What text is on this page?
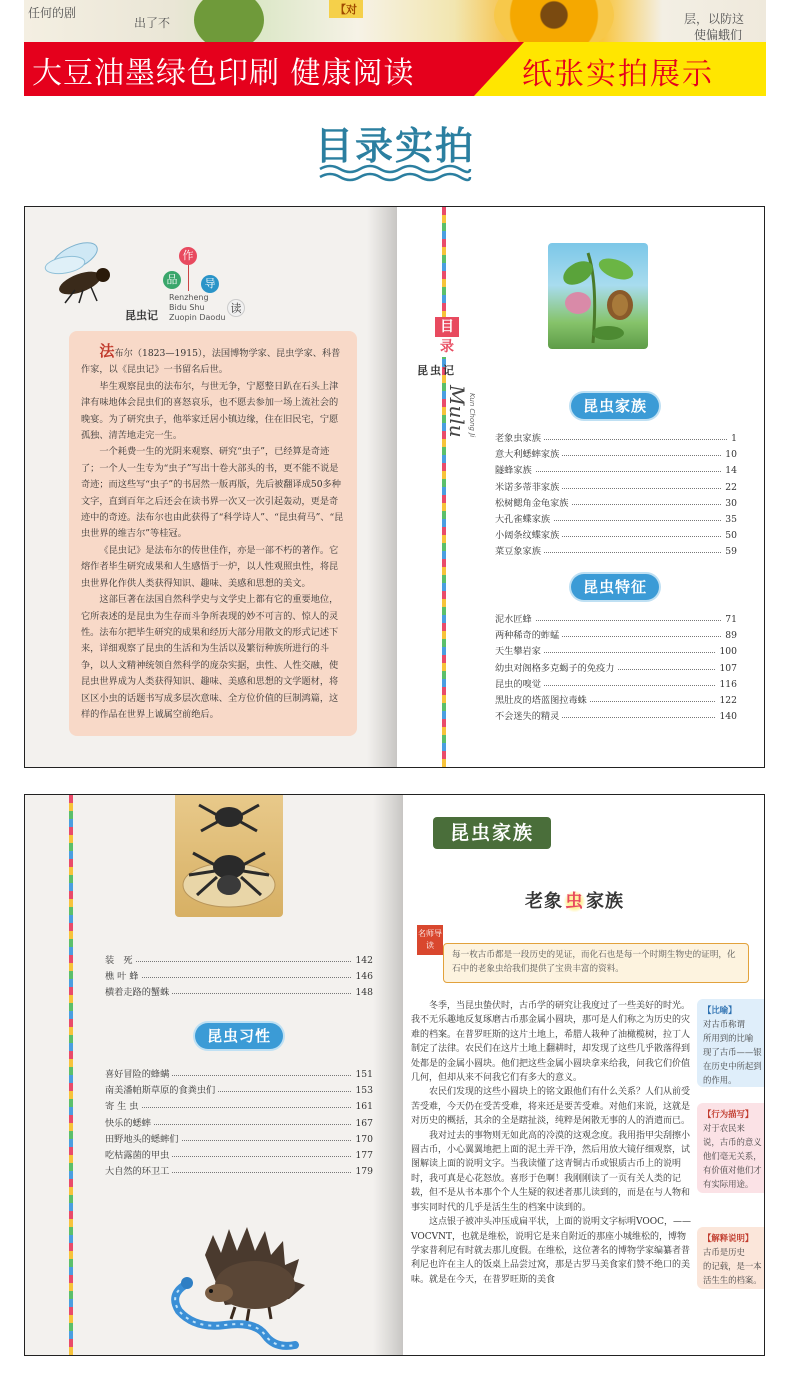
任何的剧
出了不
【对
层，以防这
使偏蛾们
大豆油墨绿色印刷 健康阅读	纸张实拍展示
目录实拍
作
品	导
读
Renzheng
Bidu Shu
Zuopin Daodu
昆虫记

法布尔（1823—1915），法国博物学家、昆虫学家、科普作家，以《昆虫记》一书留名后世。

毕生观察昆虫的法布尔，与世无争，宁愿整日趴在石头上津津有味地体会昆虫们的喜怒哀乐，也不愿去参加一场上流社会的晚宴。为了研究虫子，他举家迁居小镇边缘，住在旧民宅，宁愿孤独、清苦地走完一生。

一个耗费一生的光阴来观察、研究“虫子”，已经算是奇迹了；一个人一生专为“虫子”写出十卷大部头的书，更不能不说是奇迹；而这些写“虫子”的书居然一版再版，先后被翻译成50多种文字，直到百年之后还会在读书界一次又一次引起轰动，更是奇迹中的奇迹。法布尔也由此获得了“科学诗人”、“昆虫荷马”、“昆虫世界的维吉尔”等桂冠。

《昆虫记》是法布尔的传世佳作，亦是一部不朽的著作。它熔作者毕生研究成果和人生感悟于一炉，以人性观照虫性，将昆虫世界化作供人类获得知识、趣味、美感和思想的美文。

这部巨著在法国自然科学史与文学史上都有它的重要地位，它所表述的是昆虫为生存而斗争所表现的妙不可言的、惊人的灵性。法布尔把毕生研究的成果和经历大部分用散文的形式记述下来，详细观察了昆虫的生活和为生活以及繁衍种族所进行的斗争，以人文精神统领自然科学的庞杂实据，虫性、人性交融，使昆虫世界成为人类获得知识、趣味、美感和思想的文学题材，将区区小虫的话题书写成多层次意味、全方位价值的巨制鸿篇，这样的作品在世界上诚属空前绝后。

目
录
昆虫记
Mulu Kun Chong Ji	昆虫家族
老象虫家族	1
意大利蟋蟀家族	10
隧蜂家族	14
米诺多蒂菲家族	22
松树鳃角金龟家族	30
大孔雀蝶家族	35
小阔条纹蝶家族	50
菜豆象家族	59
昆虫特征
泥水匠蜂	71
两种稀奇的蚱蜢	89
天生攀岩家	100
幼虫对阁格多克蝎子的免疫力	107
昆虫的嗅觉	116
黑肚皮的塔蓝图拉毒蛛	122
不会迷失的精灵	140
装　死	142
樵 叶 蜂	146
横着走路的蟹蛛	148
昆虫习性
喜好冒险的蜂螨	151
南美潘帕斯草原的食粪虫们	153
寄 生 虫	161
快乐的蟋蟀	167
田野地头的蟋蟀们	170
吃枯露菌的甲虫	177
大自然的环卫工	179
昆虫家族
老象 虫 家族
名师导读
每一枚古币都是一段历史的见证，而化石也是每一个时期生物史的证明，化石中的老象虫给我们提供了宝贵丰富的资料。

冬季，当昆虫蛰伏时，古币学的研究让我度过了一些美好的时光。我不无乐趣地反复琢磨古币那金属小圆块，那可是人们称之为历史的灾难的档案。在普罗旺斯的这片土地上，希腊人栽种了油橄榄树，拉丁人制定了法律。农民们在这片土地上翻耕时，却发现了这些几乎散落得到处都是的金属小圆块。他们把这些金属小圆块拿来给我，问我它们价值几何，但却从来不问我它们有多大的意义。

农民们发现的这些小圆块上的铭文跟他们有什么关系？人们从前受苦受难，今天仍在受苦受难，将来还是要苦受难。对他们来说，这就是对历史的概括，其余的全是瞎扯淡，纯粹是闲散无事的人的消遣而已。

我对过去的事物则无如此高的冷漠的这观念度。我用指甲尖刮擦小圆古币，小心翼翼地把上面的泥土弄干净，然后用放大镜仔细观察，试图解读上面的说明文字。当我读懂了这青铜古币或银质古币上的说明时，我可真是心花怒放。喜形于色啊！我刚刚读了一页有关人类的记载，但不是从书本那个个人生疑的叙述者那儿读到的，而是在与人物和事实同时代的几乎是活生生的档案中读到的。

这点银子被冲头冲压成扁平状，上面的说明文字标明VOOC，——VOCVNT，也就是维松，说明它是来自附近的那座小城维松的，博物学家普利尼有时就去那儿度假。在维松，这位著名的博物学家编纂者普利尼也许在主人的饭桌上品尝过窝，那是古罗马美食家们赞不绝口的美味。就是在今天，在普罗旺斯的美食

【比喻】
对古币称谓
所用到的比喻
现了古币——银
在历史中所起到
的作用。
【行为描写】
对于农民来
说，古币的意义
他们毫无关系，
有价值对他们才
有实际用途。
【解释说明】
古币是历史
的记载，是一本
活生生的档案。
